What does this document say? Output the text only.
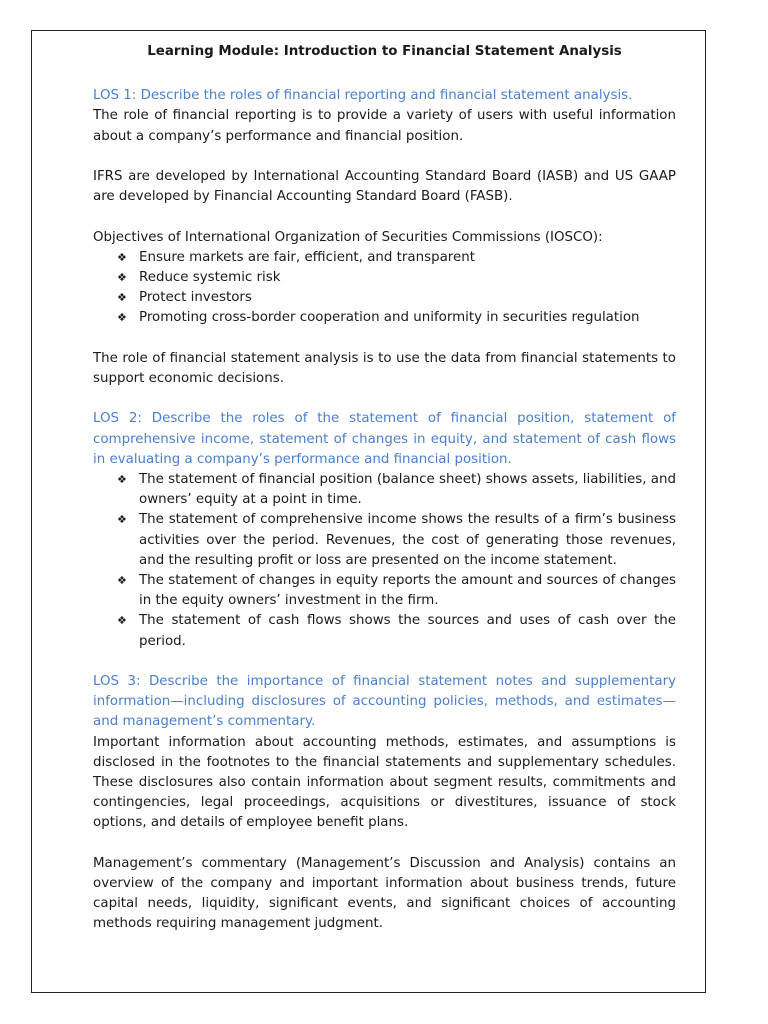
Learning Module: Introduction to Financial Statement Analysis

LOS 1: Describe the roles of financial reporting and financial statement analysis.

The role of financial reporting is to provide a variety of users with useful information about a company’s performance and financial position.

IFRS are developed by International Accounting Standard Board (IASB) and US GAAP are developed by Financial Accounting Standard Board (FASB).

Objectives of International Organization of Securities Commissions (IOSCO):

❖ Ensure markets are fair, efficient, and transparent
❖ Reduce systemic risk
❖ Protect investors
❖ Promoting cross-border cooperation and uniformity in securities regulation

The role of financial statement analysis is to use the data from financial statements to support economic decisions.

LOS 2: Describe the roles of the statement of financial position, statement of comprehensive income, statement of changes in equity, and statement of cash flows in evaluating a company’s performance and financial position.

❖ The statement of financial position (balance sheet) shows assets, liabilities, and owners’ equity at a point in time.
❖ The statement of comprehensive income shows the results of a firm’s business activities over the period. Revenues, the cost of generating those revenues, and the resulting profit or loss are presented on the income statement.
❖ The statement of changes in equity reports the amount and sources of changes in the equity owners’ investment in the firm.
❖ The statement of cash flows shows the sources and uses of cash over the period.

LOS 3: Describe the importance of financial statement notes and supplementary information—including disclosures of accounting policies, methods, and estimates—and management’s commentary.

Important information about accounting methods, estimates, and assumptions is disclosed in the footnotes to the financial statements and supplementary schedules. These disclosures also contain information about segment results, commitments and contingencies, legal proceedings, acquisitions or divestitures, issuance of stock options, and details of employee benefit plans.

Management’s commentary (Management’s Discussion and Analysis) contains an overview of the company and important information about business trends, future capital needs, liquidity, significant events, and significant choices of accounting methods requiring management judgment.
